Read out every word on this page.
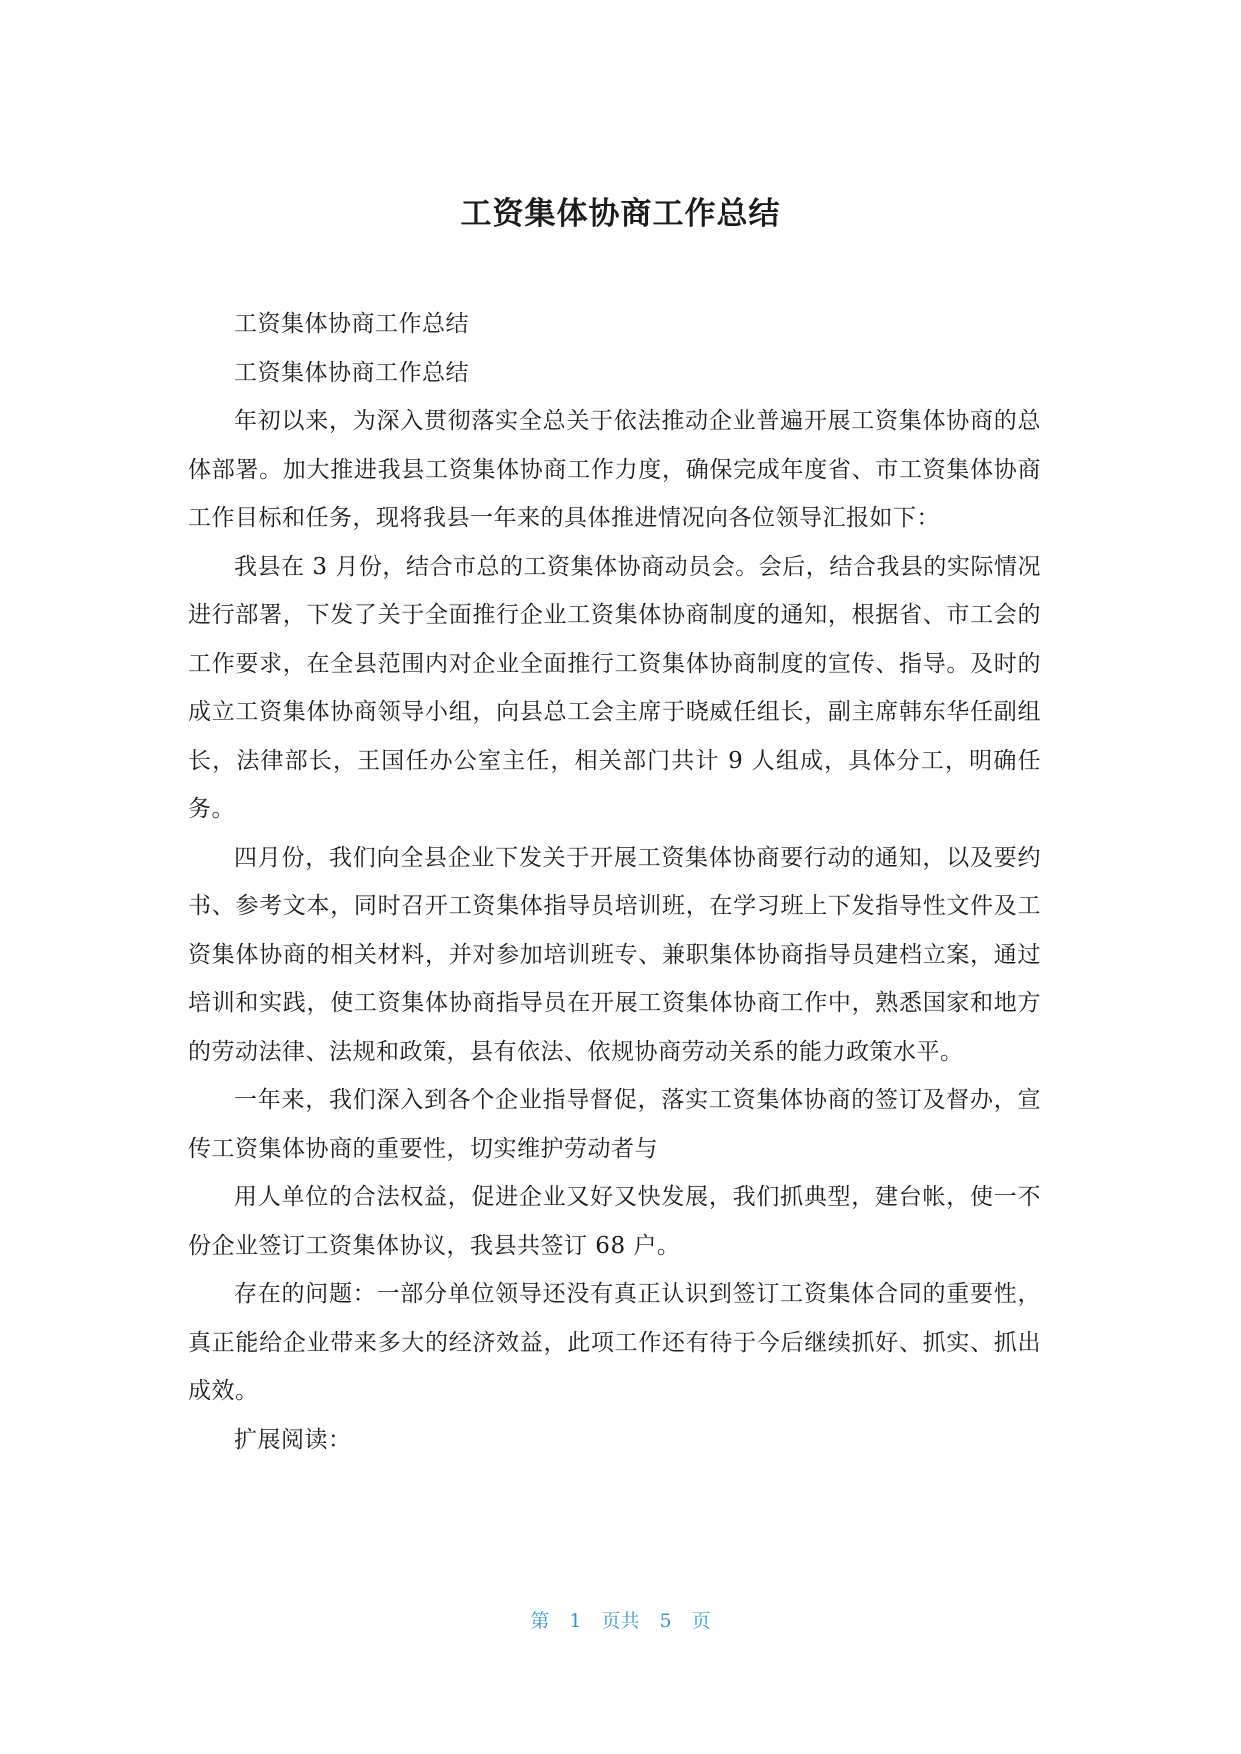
工资集体协商工作总结

工资集体协商工作总结

工资集体协商工作总结

年初以来，为深入贯彻落实全总关于依法推动企业普遍开展工资集体协商的总体部署。加大推进我县工资集体协商工作力度，确保完成年度省、市工资集体协商工作目标和任务，现将我县一年来的具体推进情况向各位领导汇报如下：

我县在 3 月份，结合市总的工资集体协商动员会。会后，结合我县的实际情况进行部署，下发了关于全面推行企业工资集体协商制度的通知，根据省、市工会的工作要求，在全县范围内对企业全面推行工资集体协商制度的宣传、指导。及时的成立工资集体协商领导小组，向县总工会主席于晓威任组长，副主席韩东华任副组长，法律部长，王国任办公室主任，相关部门共计 9 人组成，具体分工，明确任务。

四月份，我们向全县企业下发关于开展工资集体协商要行动的通知，以及要约书、参考文本，同时召开工资集体指导员培训班，在学习班上下发指导性文件及工资集体协商的相关材料，并对参加培训班专、兼职集体协商指导员建档立案，通过培训和实践，使工资集体协商指导员在开展工资集体协商工作中，熟悉国家和地方的劳动法律、法规和政策，县有依法、依规协商劳动关系的能力政策水平。

一年来，我们深入到各个企业指导督促，落实工资集体协商的签订及督办，宣传工资集体协商的重要性，切实维护劳动者与

用人单位的合法权益，促进企业又好又快发展，我们抓典型，建台帐，使一不份企业签订工资集体协议，我县共签订 68 户。

存在的问题：一部分单位领导还没有真正认识到签订工资集体合同的重要性，真正能给企业带来多大的经济效益，此项工作还有待于今后继续抓好、抓实、抓出成效。

扩展阅读：

第 1 页共 5 页
